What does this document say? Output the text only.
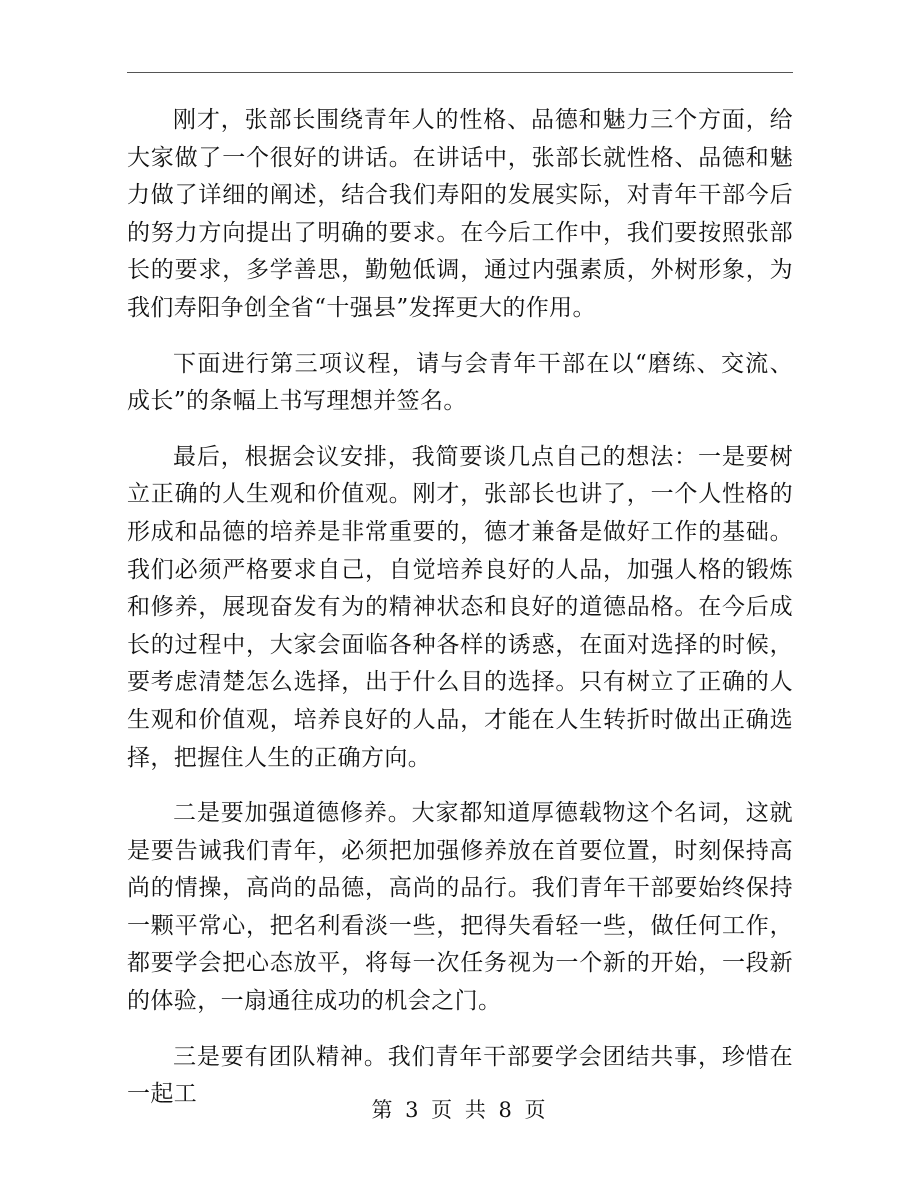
刚才，张部长围绕青年人的性格、品德和魅力三个方面，给大家做了一个很好的讲话。在讲话中，张部长就性格、品德和魅力做了详细的阐述，结合我们寿阳的发展实际，对青年干部今后的努力方向提出了明确的要求。在今后工作中，我们要按照张部长的要求，多学善思，勤勉低调，通过内强素质，外树形象，为我们寿阳争创全省“十强县”发挥更大的作用。

下面进行第三项议程，请与会青年干部在以“磨练、交流、成长”的条幅上书写理想并签名。

最后，根据会议安排，我简要谈几点自己的想法：一是要树立正确的人生观和价值观。刚才，张部长也讲了，一个人性格的形成和品德的培养是非常重要的，德才兼备是做好工作的基础。我们必须严格要求自己，自觉培养良好的人品，加强人格的锻炼和修养，展现奋发有为的精神状态和良好的道德品格。在今后成长的过程中，大家会面临各种各样的诱惑，在面对选择的时候，要考虑清楚怎么选择，出于什么目的选择。只有树立了正确的人生观和价值观，培养良好的人品，才能在人生转折时做出正确选择，把握住人生的正确方向。

二是要加强道德修养。大家都知道厚德载物这个名词，这就是要告诫我们青年，必须把加强修养放在首要位置，时刻保持高尚的情操，高尚的品德，高尚的品行。我们青年干部要始终保持一颗平常心，把名利看淡一些，把得失看轻一些，做任何工作，都要学会把心态放平，将每一次任务视为一个新的开始，一段新的体验，一扇通往成功的机会之门。

三是要有团队精神。我们青年干部要学会团结共事，珍惜在一起工

第 3 页 共 8 页
